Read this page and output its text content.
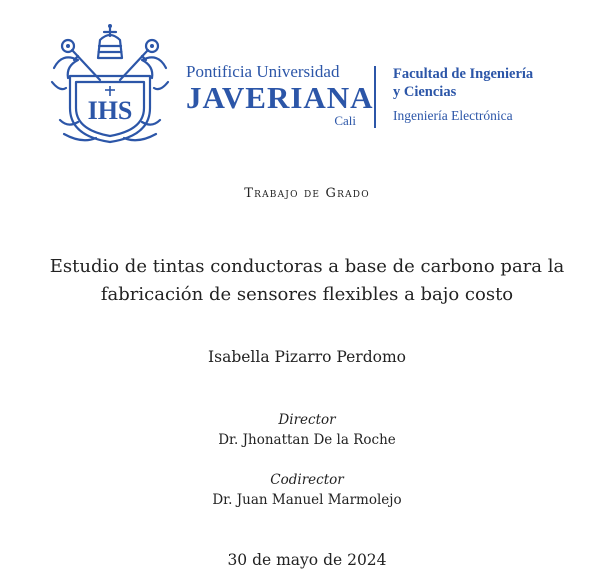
IHS
Pontificia Universidad
JAVERIANA
Cali
Facultad de Ingeniería
y Ciencias
Ingeniería Electrónica
Trabajo de Grado
Estudio de tintas conductoras a base de carbono para la
fabricación de sensores flexibles a bajo costo
Isabella Pizarro Perdomo
Director
Dr. Jhonattan De la Roche
Codirector
Dr. Juan Manuel Marmolejo
30 de mayo de 2024
